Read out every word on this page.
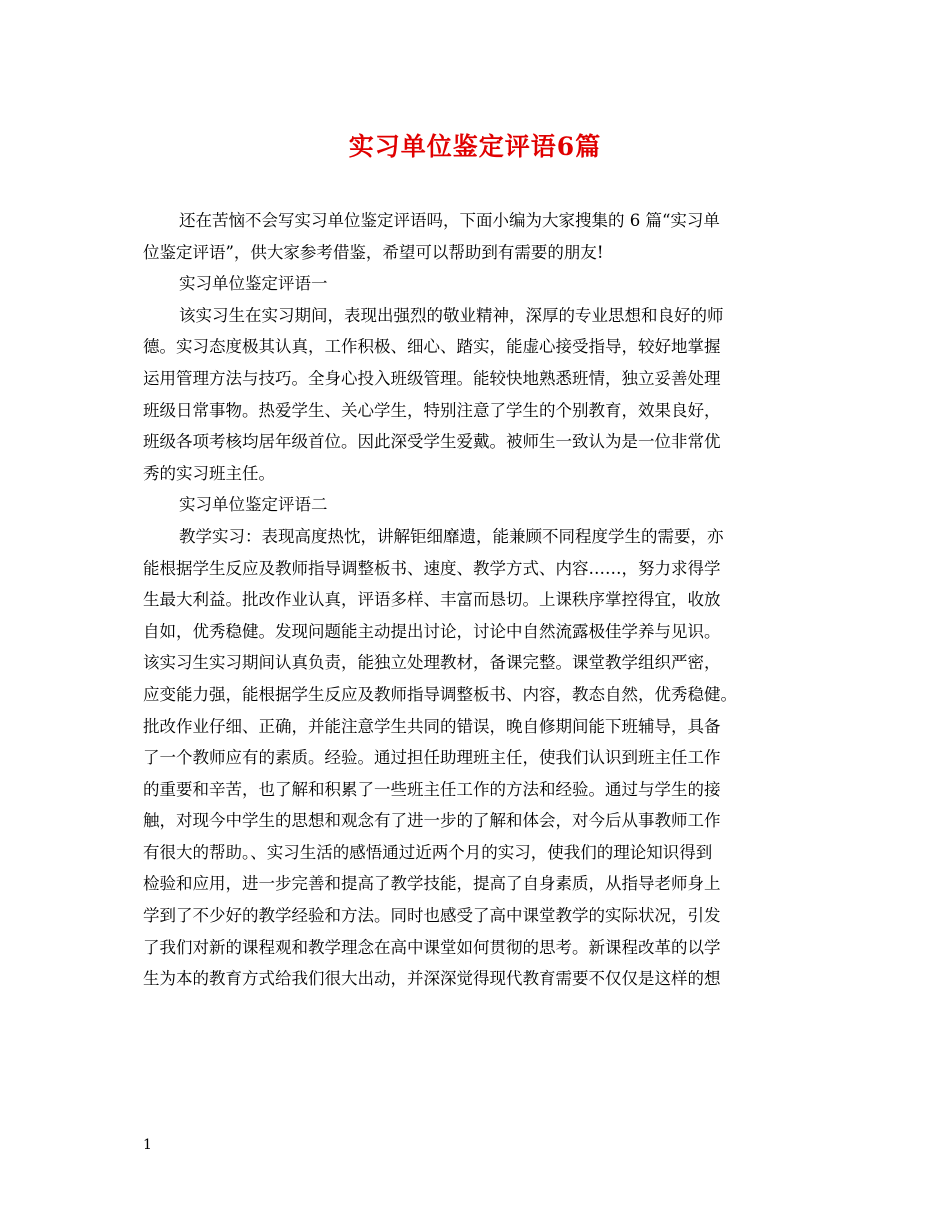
实习单位鉴定评语6篇
还在苦恼不会写实习单位鉴定评语吗，下面小编为大家搜集的 6 篇“实习单
位鉴定评语”，供大家参考借鉴，希望可以帮助到有需要的朋友!
实习单位鉴定评语一
该实习生在实习期间，表现出强烈的敬业精神，深厚的专业思想和良好的师
德。实习态度极其认真，工作积极、细心、踏实，能虚心接受指导，较好地掌握
运用管理方法与技巧。全身心投入班级管理。能较快地熟悉班情，独立妥善处理
班级日常事物。热爱学生、关心学生，特别注意了学生的个别教育，效果良好，
班级各项考核均居年级首位。因此深受学生爱戴。被师生一致认为是一位非常优
秀的实习班主任。
实习单位鉴定评语二
教学实习：表现高度热忱，讲解钜细靡遗，能兼顾不同程度学生的需要，亦
能根据学生反应及教师指导调整板书、速度、教学方式、内容……，努力求得学
生最大利益。批改作业认真，评语多样、丰富而恳切。上课秩序掌控得宜，收放
自如，优秀稳健。发现问题能主动提出讨论，讨论中自然流露极佳学养与见识。
该实习生实习期间认真负责，能独立处理教材，备课完整。课堂教学组织严密，
应变能力强，能根据学生反应及教师指导调整板书、内容，教态自然，优秀稳健。
批改作业仔细、正确，并能注意学生共同的错误，晚自修期间能下班辅导，具备
了一个教师应有的素质。经验。通过担任助理班主任，使我们认识到班主任工作
的重要和辛苦，也了解和积累了一些班主任工作的方法和经验。通过与学生的接
触，对现今中学生的思想和观念有了进一步的了解和体会，对今后从事教师工作
有很大的帮助。、实习生活的感悟通过近两个月的实习，使我们的理论知识得到
检验和应用，进一步完善和提高了教学技能，提高了自身素质，从指导老师身上
学到了不少好的教学经验和方法。同时也感受了高中课堂教学的实际状况，引发
了我们对新的课程观和教学理念在高中课堂如何贯彻的思考。新课程改革的以学
生为本的教育方式给我们很大出动，并深深觉得现代教育需要不仅仅是这样的想
1
